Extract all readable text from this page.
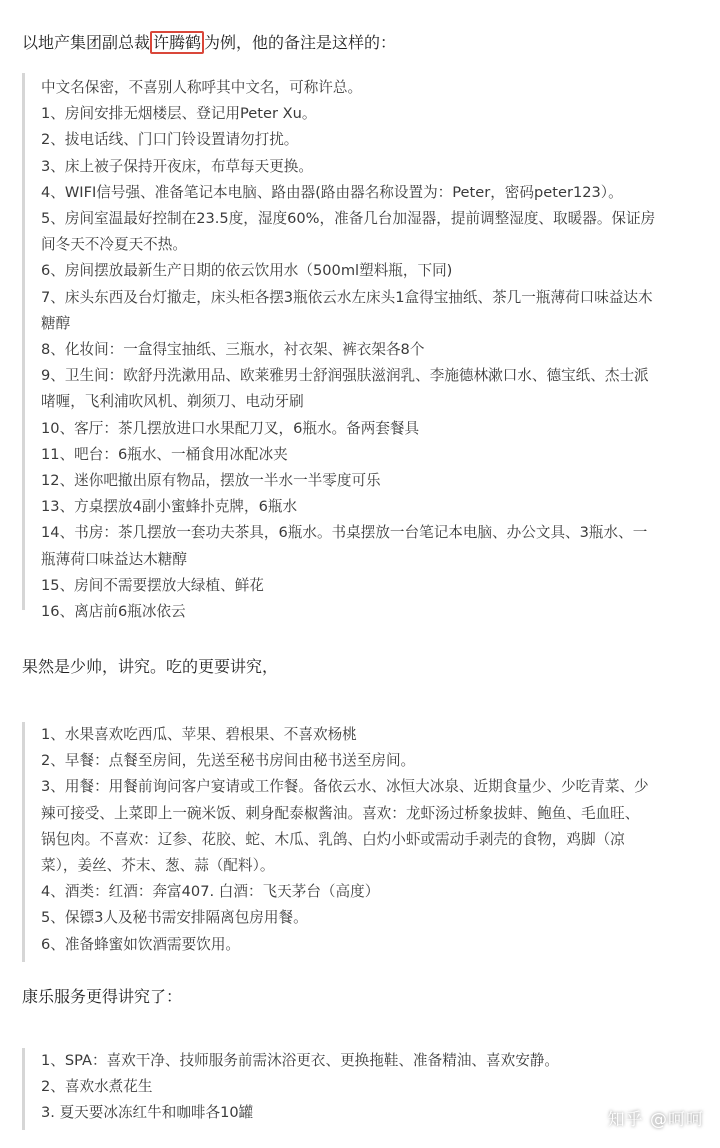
以地产集团副总裁 许腾鹤 为例，他的备注是这样的：
中文名保密，不喜别人称呼其中文名，可称许总。
1、房间安排无烟楼层、登记用Peter Xu。
2、拔电话线、门口门铃设置请勿打扰。
3、床上被子保持开夜床，布草每天更换。
4、WIFI信号强、准备笔记本电脑、路由器(路由器名称设置为：Peter，密码peter123）。
5、房间室温最好控制在23.5度，湿度60%，准备几台加湿器，提前调整湿度、取暖器。保证房
间冬天不冷夏天不热。
6、房间摆放最新生产日期的依云饮用水（500ml塑料瓶，下同)
7、床头东西及台灯撤走，床头柜各摆3瓶依云水左床头1盒得宝抽纸、茶几一瓶薄荷口味益达木
糖醇
8、化妆间：一盒得宝抽纸、三瓶水，衬衣架、裤衣架各8个
9、卫生间：欧舒丹洗漱用品、欧莱雅男士舒润强肤滋润乳、李施德林漱口水、德宝纸、杰士派
啫喱，飞利浦吹风机、剃须刀、电动牙刷
10、客厅：茶几摆放进口水果配刀叉，6瓶水。备两套餐具
11、吧台：6瓶水、一桶食用冰配冰夹
12、迷你吧撤出原有物品，摆放一半水一半零度可乐
13、方桌摆放4副小蜜蜂扑克牌，6瓶水
14、书房：茶几摆放一套功夫茶具，6瓶水。书桌摆放一台笔记本电脑、办公文具、3瓶水、一
瓶薄荷口味益达木糖醇
15、房间不需要摆放大绿植、鲜花
16、离店前6瓶冰依云
果然是少帅，讲究。吃的更要讲究，
1、水果喜欢吃西瓜、苹果、碧根果、不喜欢杨桃
2、早餐：点餐至房间，先送至秘书房间由秘书送至房间。
3、用餐：用餐前询问客户宴请或工作餐。备依云水、冰恒大冰泉、近期食量少、少吃青菜、少
辣可接受、上菜即上一碗米饭、刺身配泰椒酱油。喜欢：龙虾汤过桥象拔蚌、鲍鱼、毛血旺、
锅包肉。不喜欢：辽参、花胶、蛇、木瓜、乳鸽、白灼小虾或需动手剥壳的食物，鸡脚（凉
菜），姜丝、芥末、葱、蒜（配料）。
4、酒类：红酒：奔富407. 白酒：飞天茅台（高度）
5、保镖3人及秘书需安排隔离包房用餐。
6、准备蜂蜜如饮酒需要饮用。
康乐服务更得讲究了：
1、SPA：喜欢干净、技师服务前需沐浴更衣、更换拖鞋、准备精油、喜欢安静。
2、喜欢水煮花生
3. 夏天要冰冻红牛和咖啡各10罐	知乎 @呵呵
